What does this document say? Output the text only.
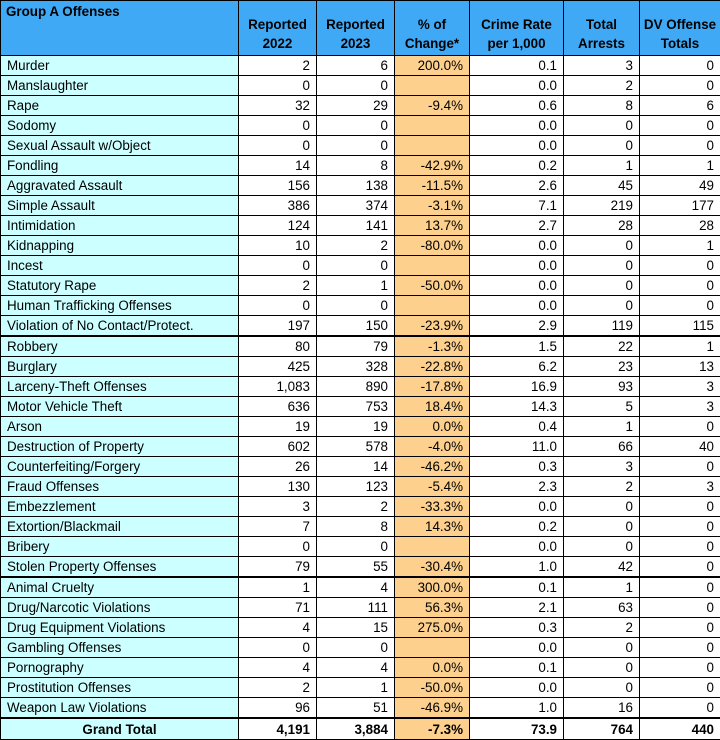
Group A Offenses	Reported 2022	Reported 2023	% of Change*	Crime Rate per 1,000	Total Arrests	DV Offense Totals
Murder	2	6	200.0%	0.1	3	0
Manslaughter	0	0		0.0	2	0
Rape	32	29	-9.4%	0.6	8	6
Sodomy	0	0		0.0	0	0
Sexual Assault w/Object	0	0		0.0	0	0
Fondling	14	8	-42.9%	0.2	1	1
Aggravated Assault	156	138	-11.5%	2.6	45	49
Simple Assault	386	374	-3.1%	7.1	219	177
Intimidation	124	141	13.7%	2.7	28	28
Kidnapping	10	2	-80.0%	0.0	0	1
Incest	0	0		0.0	0	0
Statutory Rape	2	1	-50.0%	0.0	0	0
Human Trafficking Offenses	0	0		0.0	0	0
Violation of No Contact/Protect.	197	150	-23.9%	2.9	119	115
Robbery	80	79	-1.3%	1.5	22	1
Burglary	425	328	-22.8%	6.2	23	13
Larceny-Theft Offenses	1,083	890	-17.8%	16.9	93	3
Motor Vehicle Theft	636	753	18.4%	14.3	5	3
Arson	19	19	0.0%	0.4	1	0
Destruction of Property	602	578	-4.0%	11.0	66	40
Counterfeiting/Forgery	26	14	-46.2%	0.3	3	0
Fraud Offenses	130	123	-5.4%	2.3	2	3
Embezzlement	3	2	-33.3%	0.0	0	0
Extortion/Blackmail	7	8	14.3%	0.2	0	0
Bribery	0	0		0.0	0	0
Stolen Property Offenses	79	55	-30.4%	1.0	42	0
Animal Cruelty	1	4	300.0%	0.1	1	0
Drug/Narcotic Violations	71	111	56.3%	2.1	63	0
Drug Equipment Violations	4	15	275.0%	0.3	2	0
Gambling Offenses	0	0		0.0	0	0
Pornography	4	4	0.0%	0.1	0	0
Prostitution Offenses	2	1	-50.0%	0.0	0	0
Weapon Law Violations	96	51	-46.9%	1.0	16	0
Grand Total	4,191	3,884	-7.3%	73.9	764	440
